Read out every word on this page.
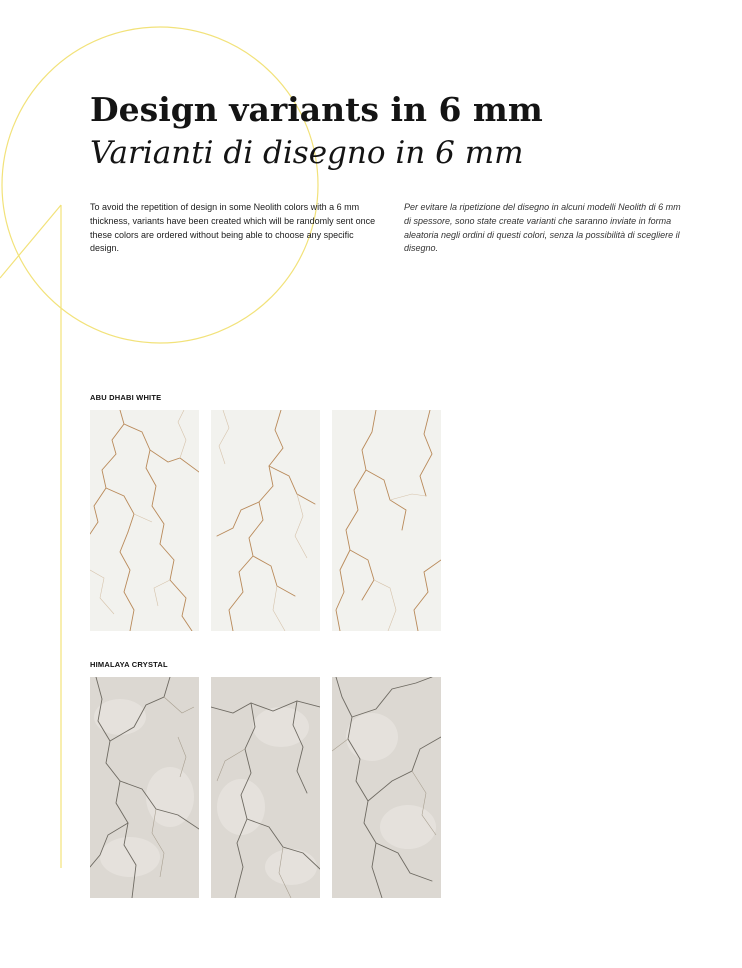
Design variants in 6 mm
Varianti di disegno in 6 mm

To avoid the repetition of design in some Neolith colors with a 6 mm thickness, variants have been created which will be randomly sent once these colors are ordered without being able to choose any specific design.

Per evitare la ripetizione del disegno in alcuni modelli Neolith di 6 mm di spessore, sono state create varianti che saranno inviate in forma aleatoria negli ordini di questi colori, senza la possibilità di scegliere il disegno.

ABU DHABI WHITE
HIMALAYA CRYSTAL
